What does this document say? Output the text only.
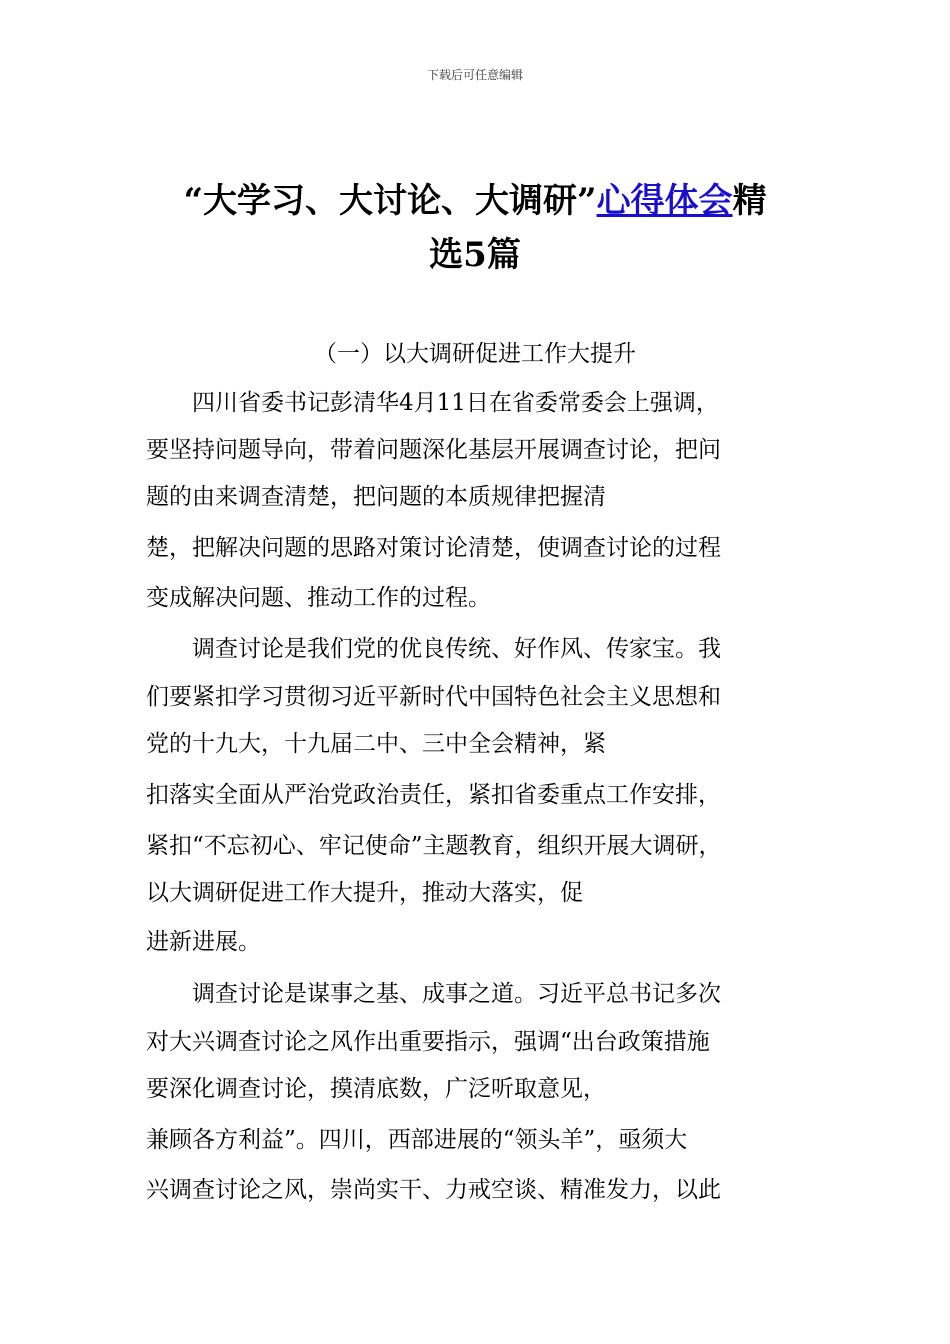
下载后可任意编辑
“大学习、大讨论、大调研”心得体会精
选5篇
（一）以大调研促进工作大提升
四川省委书记彭清华4月11日在省委常委会上强调，
要坚持问题导向，带着问题深化基层开展调查讨论，把问
题的由来调查清楚，把问题的本质规律把握清
楚，把解决问题的思路对策讨论清楚，使调查讨论的过程
变成解决问题、推动工作的过程。
调查讨论是我们党的优良传统、好作风、传家宝。我
们要紧扣学习贯彻习近平新时代中国特色社会主义思想和
党的十九大，十九届二中、三中全会精神，紧
扣落实全面从严治党政治责任，紧扣省委重点工作安排，
紧扣“不忘初心、牢记使命”主题教育，组织开展大调研，
以大调研促进工作大提升，推动大落实，促
进新进展。
调查讨论是谋事之基、成事之道。习近平总书记多次
对大兴调查讨论之风作出重要指示，强调“出台政策措施
要深化调查讨论，摸清底数，广泛听取意见，
兼顾各方利益”。四川，西部进展的“领头羊”，亟须大
兴调查讨论之风，崇尚实干、力戒空谈、精准发力，以此
